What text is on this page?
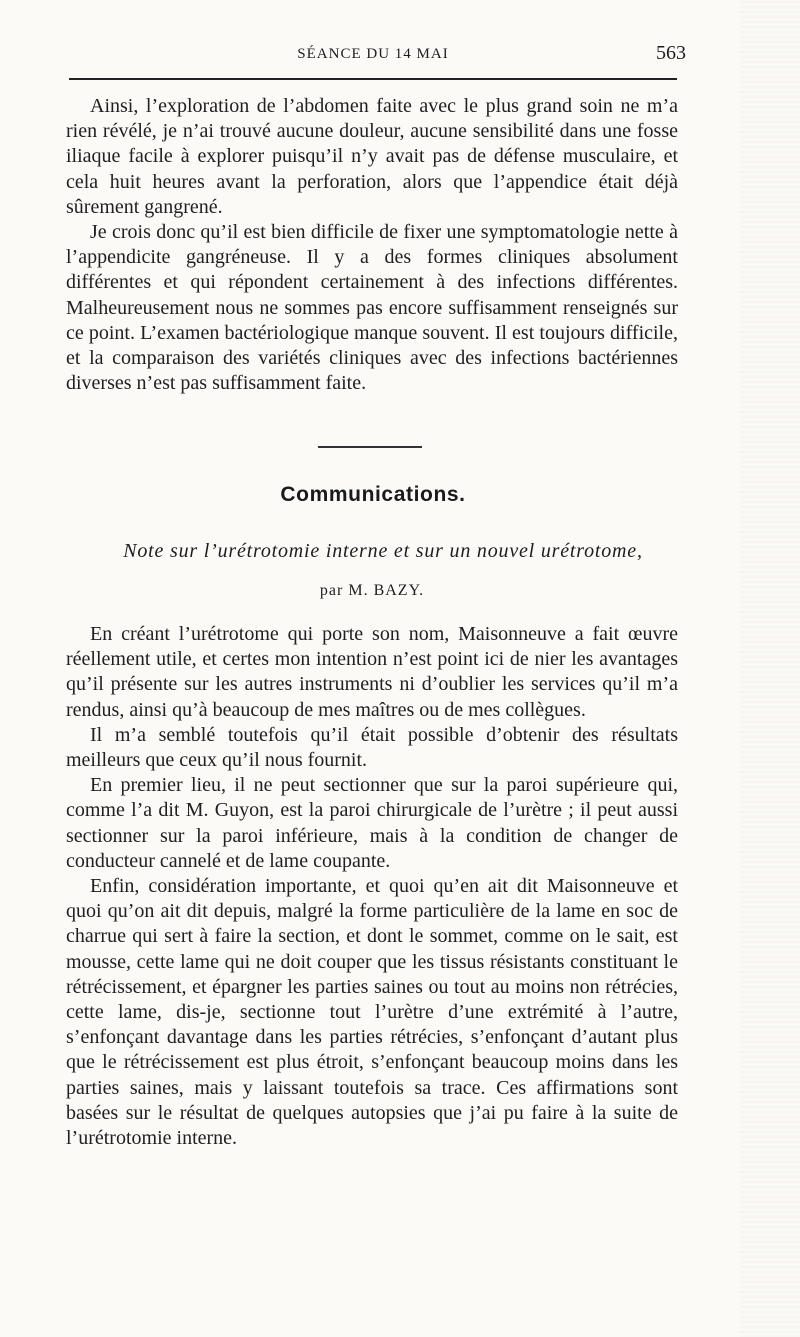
SÉANCE DU 14 MAI	563

Ainsi, l’exploration de l’abdomen faite avec le plus grand soin ne m’a rien révélé, je n’ai trouvé aucune douleur, aucune sensibilité dans une fosse iliaque facile à explorer puisqu’il n’y avait pas de défense musculaire, et cela huit heures avant la perforation, alors que l’appendice était déjà sûrement gangrené.

Je crois donc qu’il est bien difficile de fixer une symptomatologie nette à l’appendicite gangréneuse. Il y a des formes cliniques absolument différentes et qui répondent certainement à des infections différentes. Malheureusement nous ne sommes pas encore suffisamment renseignés sur ce point. L’examen bactériologique manque souvent. Il est toujours difficile, et la comparaison des variétés cliniques avec des infections bactériennes diverses n’est pas suffisamment faite.

Communications.
Note sur l’urétrotomie interne et sur un nouvel urétrotome,
par M. BAZY.

En créant l’urétrotome qui porte son nom, Maisonneuve a fait œuvre réellement utile, et certes mon intention n’est point ici de nier les avantages qu’il présente sur les autres instruments ni d’oublier les services qu’il m’a rendus, ainsi qu’à beaucoup de mes maîtres ou de mes collègues.

Il m’a semblé toutefois qu’il était possible d’obtenir des résultats meilleurs que ceux qu’il nous fournit.

En premier lieu, il ne peut sectionner que sur la paroi supérieure qui, comme l’a dit M. Guyon, est la paroi chirurgicale de l’urètre ; il peut aussi sectionner sur la paroi inférieure, mais à la condition de changer de conducteur cannelé et de lame coupante.

Enfin, considération importante, et quoi qu’en ait dit Maisonneuve et quoi qu’on ait dit depuis, malgré la forme particulière de la lame en soc de charrue qui sert à faire la section, et dont le sommet, comme on le sait, est mousse, cette lame qui ne doit couper que les tissus résistants constituant le rétrécissement, et épargner les parties saines ou tout au moins non rétrécies, cette lame, dis-je, sectionne tout l’urètre d’une extrémité à l’autre, s’enfonçant davantage dans les parties rétrécies, s’enfonçant d’autant plus que le rétrécissement est plus étroit, s’enfonçant beaucoup moins dans les parties saines, mais y laissant toutefois sa trace. Ces affirmations sont basées sur le résultat de quelques autopsies que j’ai pu faire à la suite de l’urétrotomie interne.
